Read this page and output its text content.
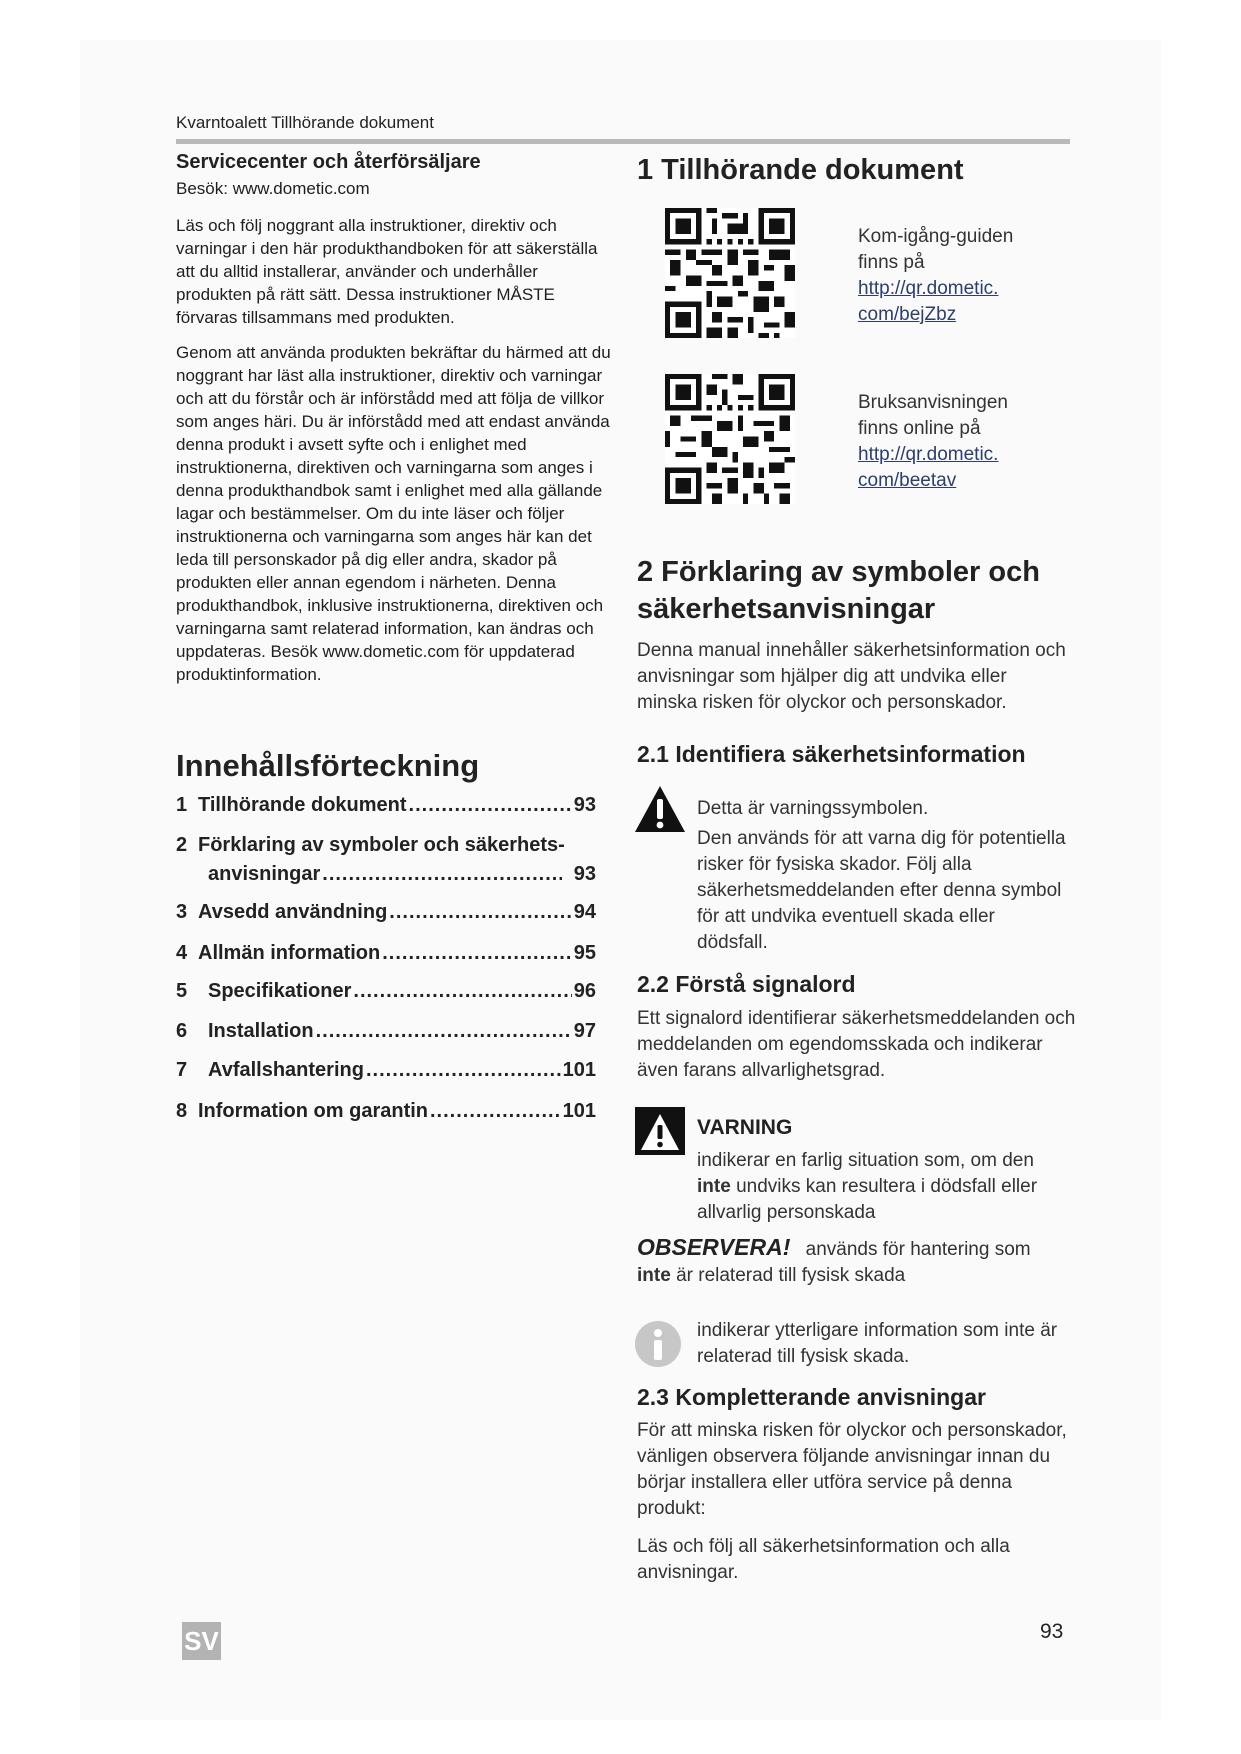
Kvarntoalett Tillhörande dokument
Servicecenter och återförsäljare
Besök: www.dometic.com

Läs och följ noggrant alla instruktioner, direktiv och varningar i den här produkthandboken för att säkerställa att du alltid installerar, använder och underhåller produkten på rätt sätt. Dessa instruktioner MÅSTE förvaras tillsammans med produkten.

Genom att använda produkten bekräftar du härmed att du noggrant har läst alla instruktioner, direktiv och varningar och att du förstår och är införstådd med att följa de villkor som anges häri. Du är införstådd med att endast använda denna produkt i avsett syfte och i enlighet med instruktionerna, direktiven och varningarna som anges i denna produkthandbok samt i enlighet med alla gällande lagar och bestämmelser. Om du inte läser och följer instruktionerna och varningarna som anges här kan det leda till personskador på dig eller andra, skador på produkten eller annan egendom i närheten. Denna produkthandbok, inklusive instruktionerna, direktiven och varningarna samt relaterad information, kan ändras och uppdateras. Besök www.dometic.com för uppdaterad produktinformation.

Innehållsförteckning
1 Tillhörande dokument .....	93
2 Förklaring av symboler och säkerhets-
anvisningar .....	93
3 Avsedd användning .....	94
4 Allmän information .....	95
5	Specifikationer .....	96
6	Installation .....	97
7	Avfallshantering .....	101
8 Information om garantin .....	101
1 Tillhörande dokument
Kom-igång-guiden
finns på
http://qr.dometic.
com/bejZbz
Bruksanvisningen
finns online på
http://qr.dometic.
com/beetav
2 Förklaring av symboler och
säkerhetsanvisningar

Denna manual innehåller säkerhetsinformation och anvisningar som hjälper dig att undvika eller minska risken för olyckor och personskador.

2.1 Identifiera säkerhetsinformation
Detta är varningssymbolen.

Den används för att varna dig för potentiella risker för fysiska skador. Följ alla säkerhetsmeddelanden efter denna symbol för att undvika eventuell skada eller dödsfall.

2.2 Förstå signalord

Ett signalord identifierar säkerhetsmeddelanden och meddelanden om egendomsskada och indikerar även farans allvarlighetsgrad.

VARNING
indikerar en farlig situation som, om den inte undviks kan resultera i dödsfall eller allvarlig personskada
OBSERVERA! används för hantering som
inte är relaterad till fysisk skada

indikerar ytterligare information som inte är relaterad till fysisk skada.

2.3 Kompletterande anvisningar

För att minska risken för olyckor och personskador, vänligen observera följande anvisningar innan du börjar installera eller utföra service på denna produkt:

Läs och följ all säkerhetsinformation och alla anvisningar.

SV	93
